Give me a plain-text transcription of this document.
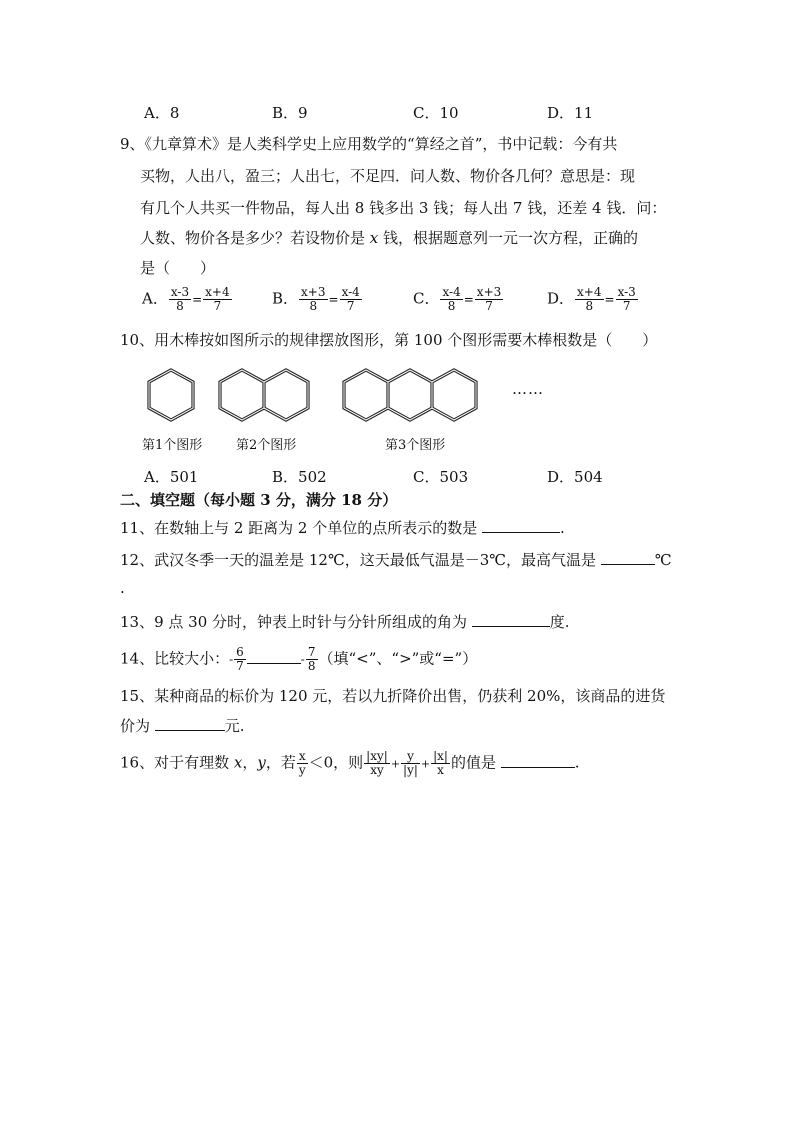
A．8	B．9	C．10	D．11
9、《九章算术》是人类科学史上应用数学的“算经之首”，书中记载：今有共
买物，人出八，盈三；人出七，不足四．问人数、物价各几何？意思是：现
有几个人共买一件物品，每人出 8 钱多出 3 钱；每人出 7 钱，还差 4 钱．问：
人数、物价各是多少？若设物价是 x 钱，根据题意列一元一次方程，正确的
是（　　）
A． $\frac{x-3}{8} = \frac{x+4}{7}$	B． $\frac{x+3}{8} = \frac{x-4}{7}$	C． $\frac{x-4}{8} = \frac{x+3}{7}$	D． $\frac{x+4}{8} = \frac{x-3}{7}$
10、用木棒按如图所示的规律摆放图形，第 100 个图形需要木棒根数是（　　）
……
第1个图形	第2个图形	第3个图形
A．501	B．502	C．503	D．504
二、填空题（每小题 3 分，满分 18 分）
11、在数轴上与 2 距离为 2 个单位的点所表示的数是	.
12、武汉冬季一天的温差是 12℃，这天最低气温是－3℃，最高气温是	℃
.
13、9 点 30 分时，钟表上时针与分针所组成的角为	度.
14、比较大小：- $\frac{6}{7}$	- $\frac{7}{8}$ （填“<”、“>”或“=”）
15、某种商品的标价为 120 元，若以九折降价出售，仍获利 20%，该商品的进货
价为	元.
16、对于有理数 x，y，若 $\frac{x}{y} <0$，则 $\frac{|xy|}{xy} + \frac{y}{|y|} + \frac{|x|}{x}$ 的值是	.
